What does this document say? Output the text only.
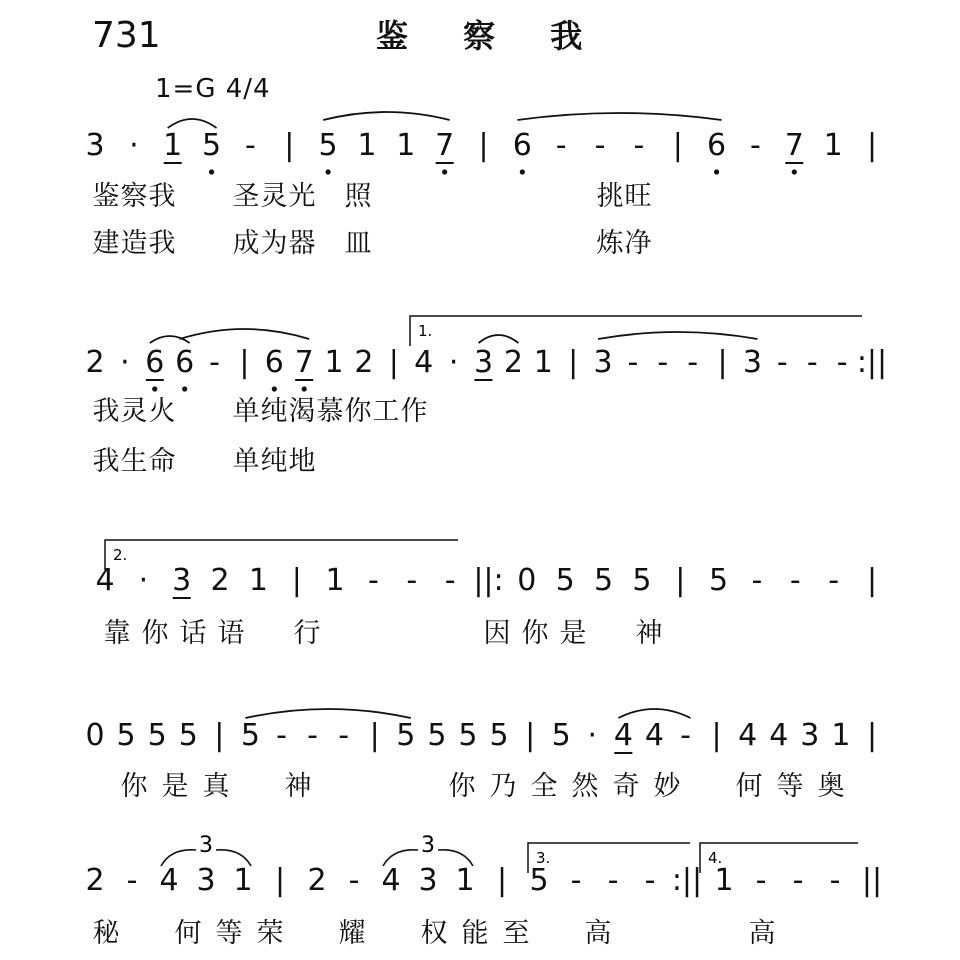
731	鉴 察 我
1=G 4/4
3 · 1 5 - | 5 1 1 7 | 6 - - - | 6 - 7 1 |
鉴 察 我 圣 灵 光 照	挑 旺
建 造 我 成 为 器 皿	炼 净
2 · 6 6 - | 6 7 1 2 | 4 · 3 2 1 | 3 - - - | 3 - - - :||
我 灵 火 单 纯 渴 慕 你 工 作
我 生 命 单 纯 地
4 · 3 2 1 | 1 - - - ||: 0 5 5 5 | 5 - - - |
靠 你 话 语 行	因 你 是 神
0 5 5 5 | 5 - - - | 5 5 5 5 | 5 · 4 4 - | 4 4 3 1 |
你 是 真 神	你 乃 全 然 奇 妙 何 等 奥
2 - 4 3 1 | 2 - 4 3 1 | 5 - - - :|| 1 - - - ||
秘 何 等 荣 耀 权 能 至 高	高
3	3
1.
2.
3.	4.
